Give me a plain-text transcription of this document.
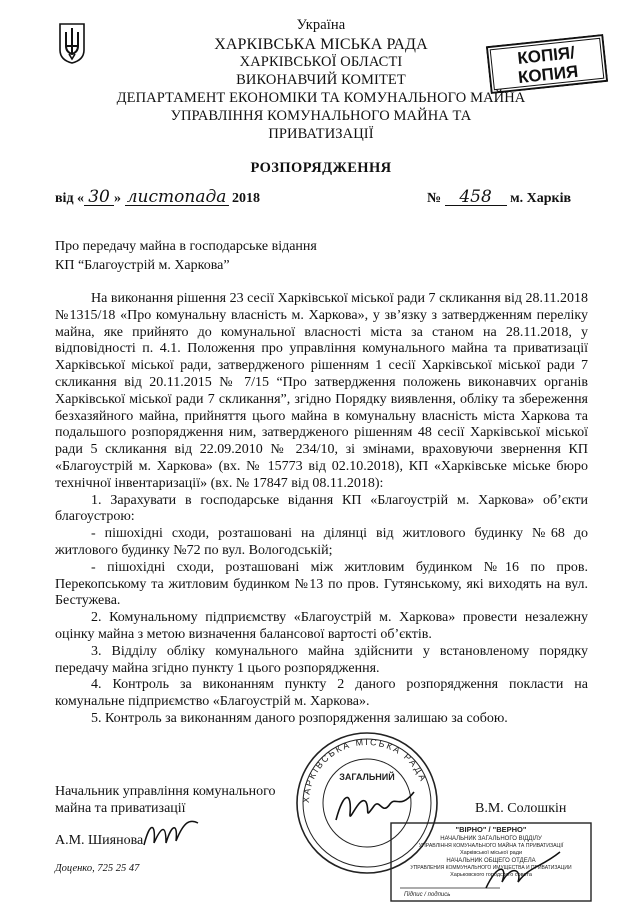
Україна
ХАРКІВСЬКА МІСЬКА РАДА
ХАРКІВСЬКОЇ ОБЛАСТІ
ВИКОНАВЧИЙ КОМІТЕТ
ДЕПАРТАМЕНТ ЕКОНОМІКИ ТА КОМУНАЛЬНОГО МАЙНА
УПРАВЛІННЯ КОМУНАЛЬНОГО МАЙНА ТА
ПРИВАТИЗАЦІЇ
КОПІЯ/
КОПИЯ
РОЗПОРЯДЖЕННЯ
від « 30 » листопада 2018	№ 458 м. Харків
Про передачу майна в господарське відання
КП “Благоустрій м. Харкова”

На виконання рішення 23 сесії Харківської міської ради 7 скликання від 28.11.2018 №1315/18 «Про комунальну власність м. Харкова», у зв’язку з затвердженням переліку майна, яке прийнято до комунальної власності міста за станом на 28.11.2018, у відповідності п. 4.1. Положення про управління комунального майна та приватизації Харківської міської ради, затвердженого рішенням 1 сесії Харківської міської ради 7 скликання від 20.11.2015 № 7/15 “Про затвердження положень виконавчих органів Харківської міської ради 7 скликання”, згідно Порядку виявлення, обліку та збереження безхазяйного майна, прийняття цього майна в комунальну власність міста Харкова та подальшого розпорядження ним, затвердженого рішенням 48 сесії Харківської міської ради 5 скликання від 22.09.2010 № 234/10, зі змінами, враховуючи звернення КП «Благоустрій м. Харкова» (вх. № 15773 від 02.10.2018), КП «Харківське міське бюро технічної інвентаризації» (вх. № 17847 від 08.11.2018):

1. Зарахувати в господарське відання КП «Благоустрій м. Харкова» об’єкти благоустрою:

- пішохідні сходи, розташовані на ділянці від житлового будинку №68 до житлового будинку №72 по вул. Вологодській;

- пішохідні сходи, розташовані між житловим будинком №16 по пров. Перекопському та житловим будинком №13 по пров. Гутянському, які виходять на вул. Бестужева.

2. Комунальному підприємству «Благоустрій м. Харкова» провести незалежну оцінку майна з метою визначення балансової вартості об’єктів.

3. Відділу обліку комунального майна здійснити у встановленому порядку передачу майна згідно пункту 1 цього розпорядження.

4. Контроль за виконанням пункту 2 даного розпорядження покласти на комунальне підприємство «Благоустрій м. Харкова».

5. Контроль за виконанням даного розпорядження залишаю за собою.

ХАРКІВСЬКА МІСЬКА РАДА
ЗАГАЛЬНИЙ
Начальник управління комунального
майна та приватизації	В.М. Солошкін
А.М. Шиянова
Доценко, 725 25 47
"ВІРНО" / "ВЕРНО"
НАЧАЛЬНИК ЗАГАЛЬНОГО ВІДДІЛУ
УПРАВЛІННЯ КОМУНАЛЬНОГО МАЙНА ТА ПРИВАТИЗАЦІЇ
Харківської міської ради
НАЧАЛЬНИК ОБЩЕГО ОТДЕЛА
УПРАВЛЕНИЯ КОММУНАЛЬНОГО ИМУЩЕСТВА И ПРИВАТИЗАЦИИ
Харьковского городского совета
Підпис / подпись
